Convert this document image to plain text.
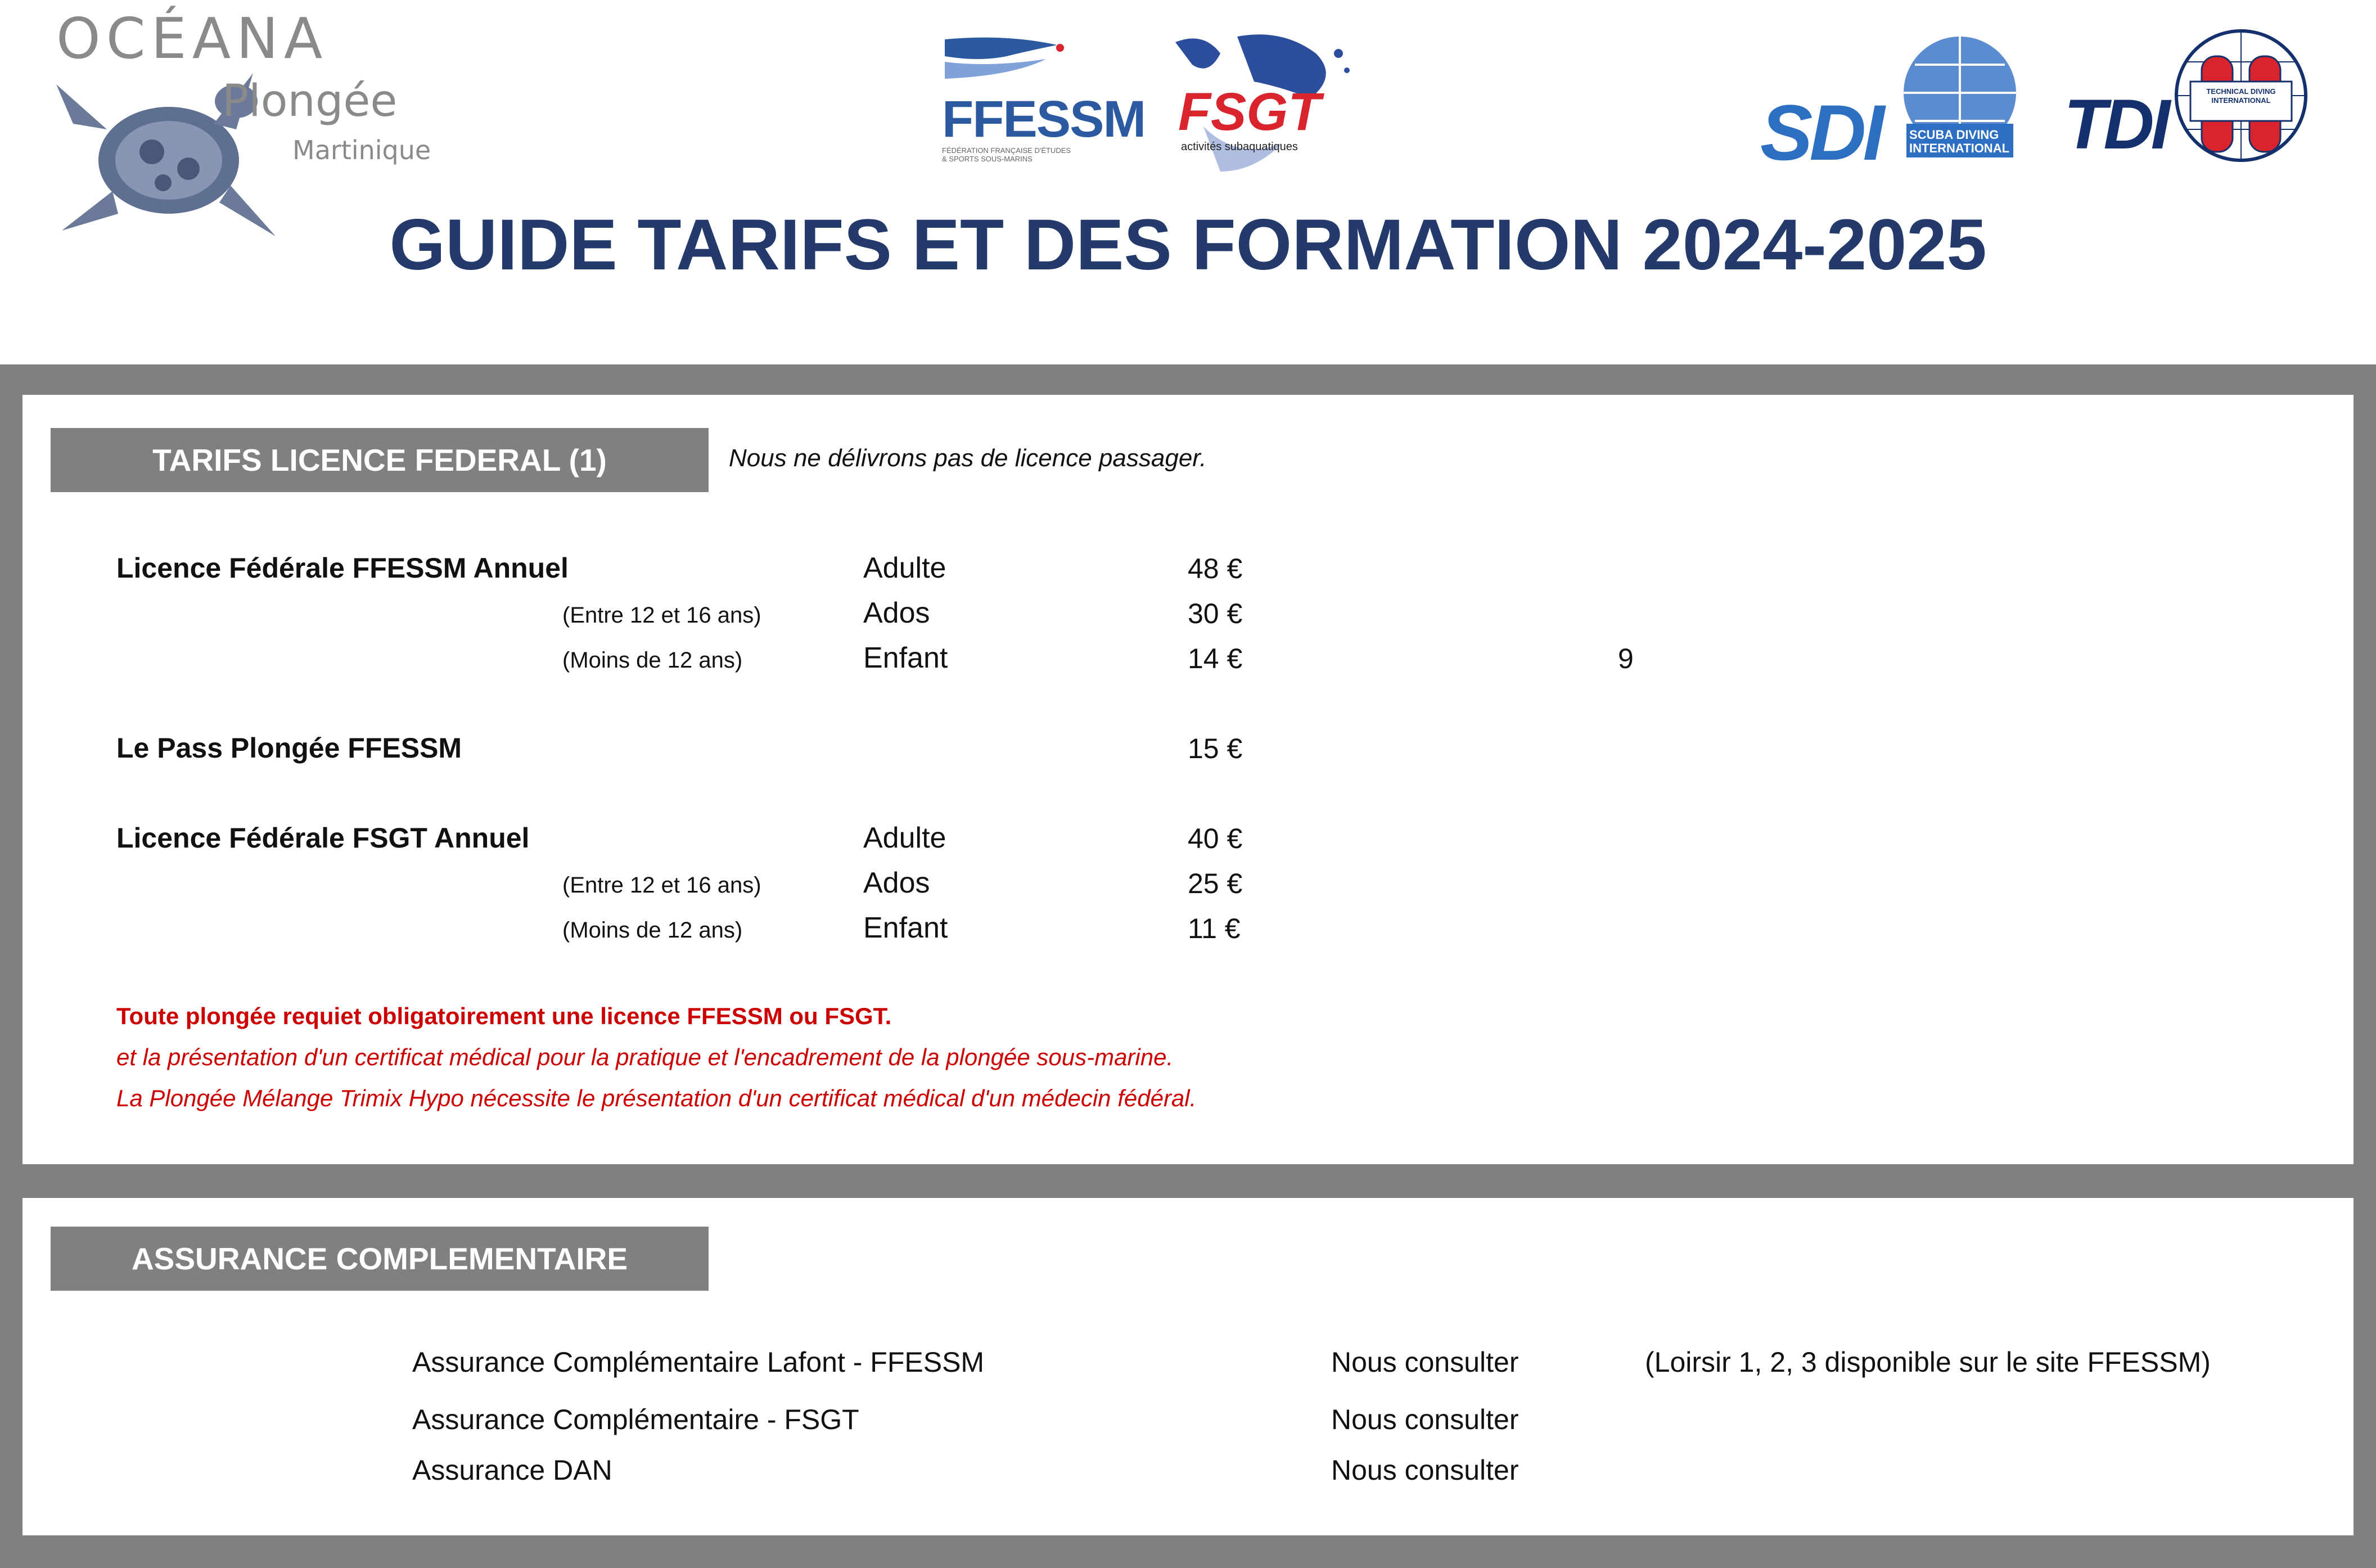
OCÉANA
Plongée
Martinique
FFESSM
FÉDÉRATION FRANÇAISE D'ÉTUDES & SPORTS SOUS-MARINS
FSGT
activités subaquatiques	SDI SCUBA DIVING INTERNATIONAL TDI	TECHNICAL DIVING INTERNATIONAL
GUIDE TARIFS ET DES FORMATION 2024-2025
TARIFS LICENCE FEDERAL (1)	Nous ne délivrons pas de licence passager.
Licence Fédérale FFESSM Annuel	Adulte	48 €
(Entre 12 et 16 ans)	Ados	30 €
(Moins de 12 ans)	Enfant	14 €	9
Le Pass Plongée FFESSM	15 €
Licence Fédérale FSGT Annuel	Adulte	40 €
(Entre 12 et 16 ans)	Ados	25 €
(Moins de 12 ans)	Enfant	11 €
Toute plongée requiet obligatoirement une licence FFESSM ou FSGT.
et la présentation d'un certificat médical pour la pratique et l'encadrement de la plongée sous-marine.
La Plongée Mélange Trimix Hypo nécessite le présentation d'un certificat médical d'un médecin fédéral.
ASSURANCE COMPLEMENTAIRE
Assurance Complémentaire Lafont - FFESSM	Nous consulter	(Loirsir 1, 2, 3 disponible sur le site FFESSM)
Assurance Complémentaire - FSGT	Nous consulter
Assurance DAN	Nous consulter
